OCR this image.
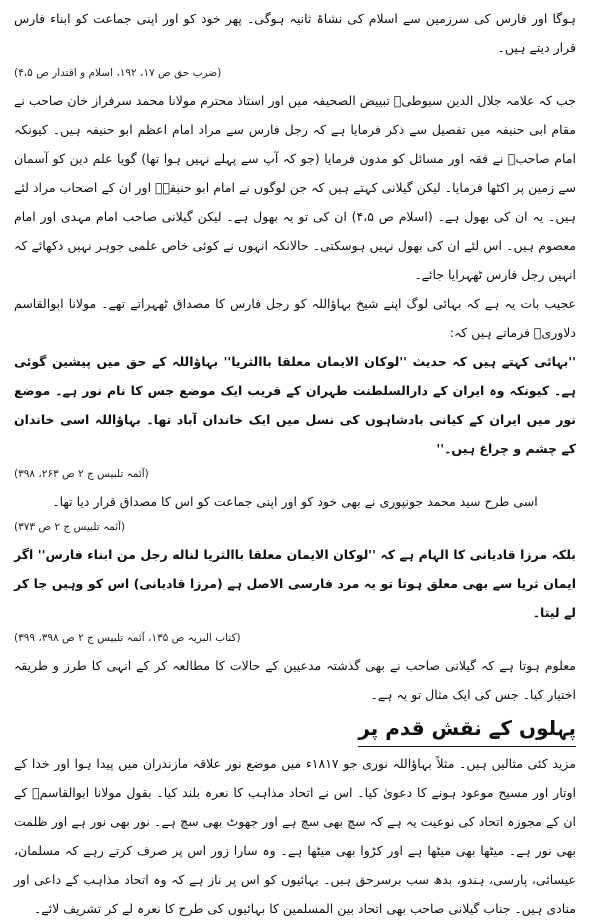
ہوگا اور فارس کی سرزمین سے اسلام کی نشاۃ ثانیہ ہوگی۔ پھر خود کو اور اپنی جماعت کو ابناء فارس قرار دیتے ہیں۔

(ضرب حق ص ۱۷، ۱۹۲، اسلام و اقتدار ص ۴،۵)

جب کہ علامہ جلال الدین سیوطیؒ تبییض الصحیفہ میں اور استاذ محترم مولانا محمد سرفراز خان صاحب نے مقام ابی حنیفہ میں تفصیل سے ذکر فرمایا ہے کہ رجل فارس سے مراد امام اعظم ابو حنیفہ ہیں۔ کیونکہ امام صاحبؒ نے فقہ اور مسائل کو مدون فرمایا (جو کہ آپ سے پہلے نہیں ہوا تھا) گویا علم دین کو آسمان سے زمین پر اکٹھا فرمایا۔ لیکن گیلانی کہتے ہیں کہ جن لوگوں نے امام ابو حنیفہؒ اور ان کے اصحاب مراد لئے ہیں۔ یہ ان کی بھول ہے۔ (اسلام ص ۴،۵) ان کی تو یہ بھول ہے۔ لیکن گیلانی صاحب امام مہدی اور امام معصوم ہیں۔ اس لئے ان کی بھول نہیں ہوسکتی۔ حالانکہ انہوں نے کوئی خاص علمی جوہر نہیں دکھائے کہ انہیں رجل فارس ٹھہرایا جائے۔

عجیب بات یہ ہے کہ بہائی لوگ اپنے شیخ بہاؤاللہ کو رجل فارس کا مصداق ٹھہراتے تھے۔ مولانا ابوالقاسم دلاوریؒ فرماتے ہیں کہ:

''بہائی کہتے ہیں کہ حدیث ''لوکان الایمان معلقا باالثریا'' بہاؤاللہ کے حق میں پیشین گوئی ہے۔ کیونکہ وہ ایران کے دارالسلطنت طہران کے قریب ایک موضع جس کا نام نور ہے۔ موضع نور میں ایران کے کیانی بادشاہوں کی نسل میں ایک خاندان آباد تھا۔ بہاؤاللہ اسی خاندان کے چشم و چراغ ہیں۔''

(آئمہ تلبیس ج ۲ ص ۲۶۳، ۳۹۸)

اسی طرح سید محمد جونپوری نے بھی خود کو اور اپنی جماعت کو اس کا مصداق قرار دیا تھا۔

(آئمہ تلبیس ج ۲ ص ۳۷۳)

بلکہ مرزا قادیانی کا الہام ہے کہ ''لوکان الایمان معلقا باالثریا لناله رجل من ابناء فارس'' اگر ایمان ثریا سے بھی معلق ہوتا تو یہ مرد فارسی الاصل ہے (مرزا قادیانی) اس کو وہیں جا کر لے لیتا۔

(کتاب البریہ ص ۱۳۵، آئمہ تلبیس ج ۲ ص ۳۹۸، ۳۹۹)

معلوم ہوتا ہے کہ گیلانی صاحب نے بھی گذشتہ مدعیین کے حالات کا مطالعہ کر کے انہی کا طرز و طریقہ اختیار کیا۔ جس کی ایک مثال تو یہ ہے۔

پہلوں کے نقش قدم پر

مزید کئی مثالیں ہیں۔ مثلاً بہاؤاللہ نوری جو ۱۸۱۷ء میں موضع نور علاقہ مازندران میں پیدا ہوا اور خدا کے اوتار اور مسیح موعود ہونے کا دعویٰ کیا۔ اس نے اتحاد مذاہب کا نعرہ بلند کیا۔ بقول مولانا ابوالقاسمؒ کے ان کے مجوزہ اتحاد کی نوعیت یہ ہے کہ سچ بھی سچ ہے اور جھوٹ بھی سچ ہے۔ نور بھی نور ہے اور ظلمت بھی نور ہے۔ میٹھا بھی میٹھا ہے اور کڑوا بھی میٹھا ہے۔ وہ سارا زور اس پر صرف کرتے رہے کہ مسلمان، عیسائی، پارسی، ہندو، بدھ سب برسرحق ہیں۔ بہائیوں کو اس پر ناز ہے کہ وہ اتحاد مذاہب کے داعی اور منادی ہیں۔ جناب گیلانی صاحب بھی اتحاد بین المسلمین کا بہائیوں کی طرح کا نعرہ لے کر تشریف لائے۔
